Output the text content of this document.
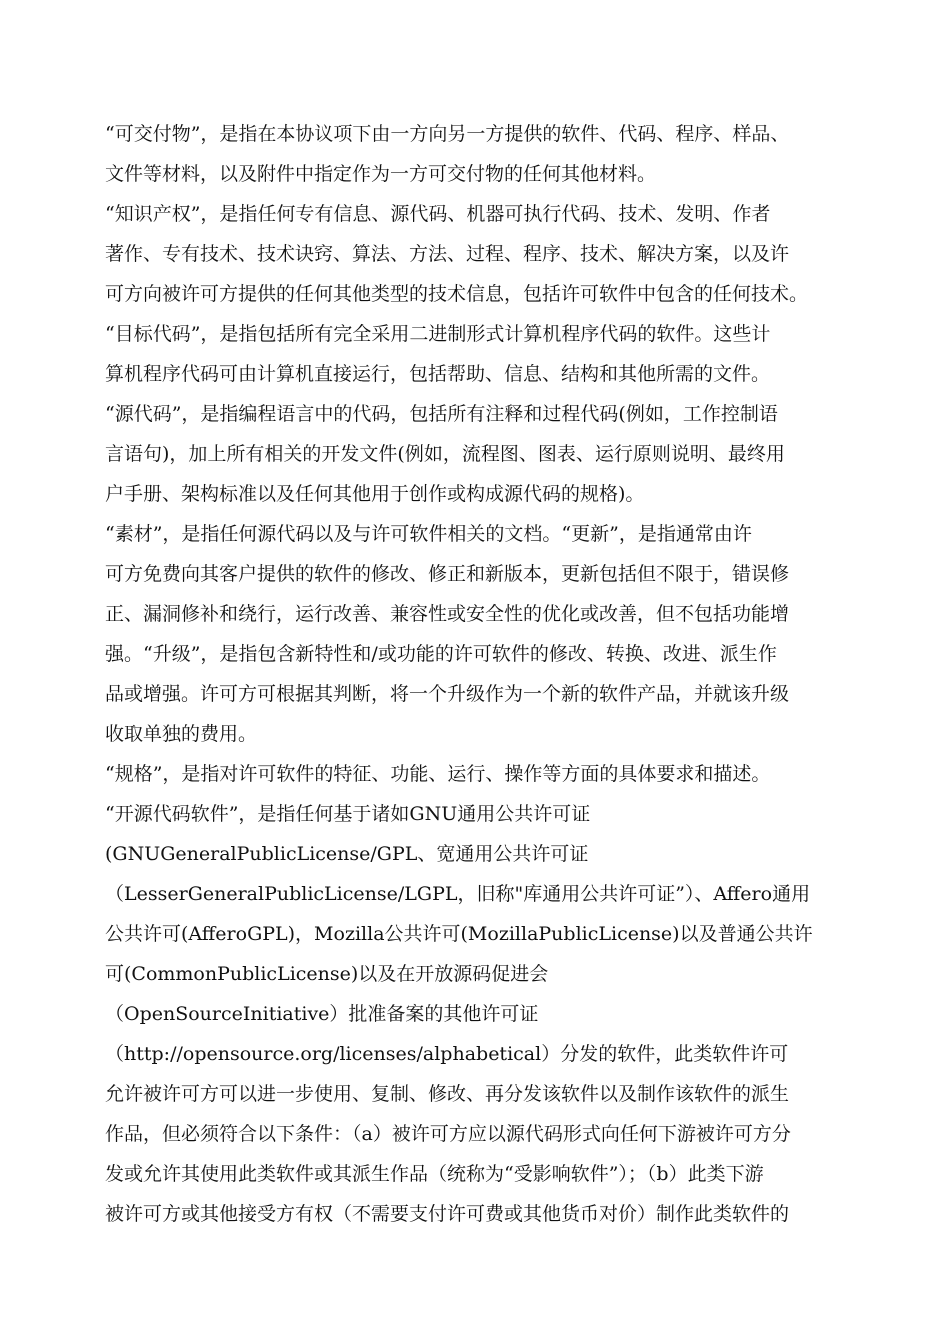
“可交付物”，是指在本协议项下由一方向另一方提供的软件、代码、程序、样品、
文件等材料，以及附件中指定作为一方可交付物的任何其他材料。
“知识产权”，是指任何专有信息、源代码、机器可执行代码、技术、发明、作者
著作、专有技术、技术诀窍、算法、方法、过程、程序、技术、解决方案，以及许
可方向被许可方提供的任何其他类型的技术信息，包括许可软件中包含的任何技术。
“目标代码”，是指包括所有完全采用二进制形式计算机程序代码的软件。这些计
算机程序代码可由计算机直接运行，包括帮助、信息、结构和其他所需的文件。
“源代码”，是指编程语言中的代码，包括所有注释和过程代码(例如，工作控制语
言语句)，加上所有相关的开发文件(例如，流程图、图表、运行原则说明、最终用
户手册、架构标准以及任何其他用于创作或构成源代码的规格)。
“素材”，是指任何源代码以及与许可软件相关的文档。“更新”，是指通常由许
可方免费向其客户提供的软件的修改、修正和新版本，更新包括但不限于，错误修
正、漏洞修补和绕行，运行改善、兼容性或安全性的优化或改善，但不包括功能增
强。“升级”，是指包含新特性和/或功能的许可软件的修改、转换、改进、派生作
品或增强。许可方可根据其判断，将一个升级作为一个新的软件产品，并就该升级
收取单独的费用。
“规格”，是指对许可软件的特征、功能、运行、操作等方面的具体要求和描述。
“开源代码软件”，是指任何基于诸如GNU通用公共许可证
(GNUGeneralPublicLicense/GPL、宽通用公共许可证
（LesserGeneralPublicLicense/LGPL，旧称"库通用公共许可证”）、Affero通用
公共许可(AfferoGPL)，Mozilla公共许可(MozillaPublicLicense)以及普通公共许
可(CommonPublicLicense)以及在开放源码促进会
（OpenSourceInitiative）批准备案的其他许可证
（http://opensource.org/licenses/alphabetical）分发的软件，此类软件许可
允许被许可方可以进一步使用、复制、修改、再分发该软件以及制作该软件的派生
作品，但必须符合以下条件：（a）被许可方应以源代码形式向任何下游被许可方分
发或允许其使用此类软件或其派生作品（统称为“受影响软件”）；（b）此类下游
被许可方或其他接受方有权（不需要支付许可费或其他货币对价）制作此类软件的
